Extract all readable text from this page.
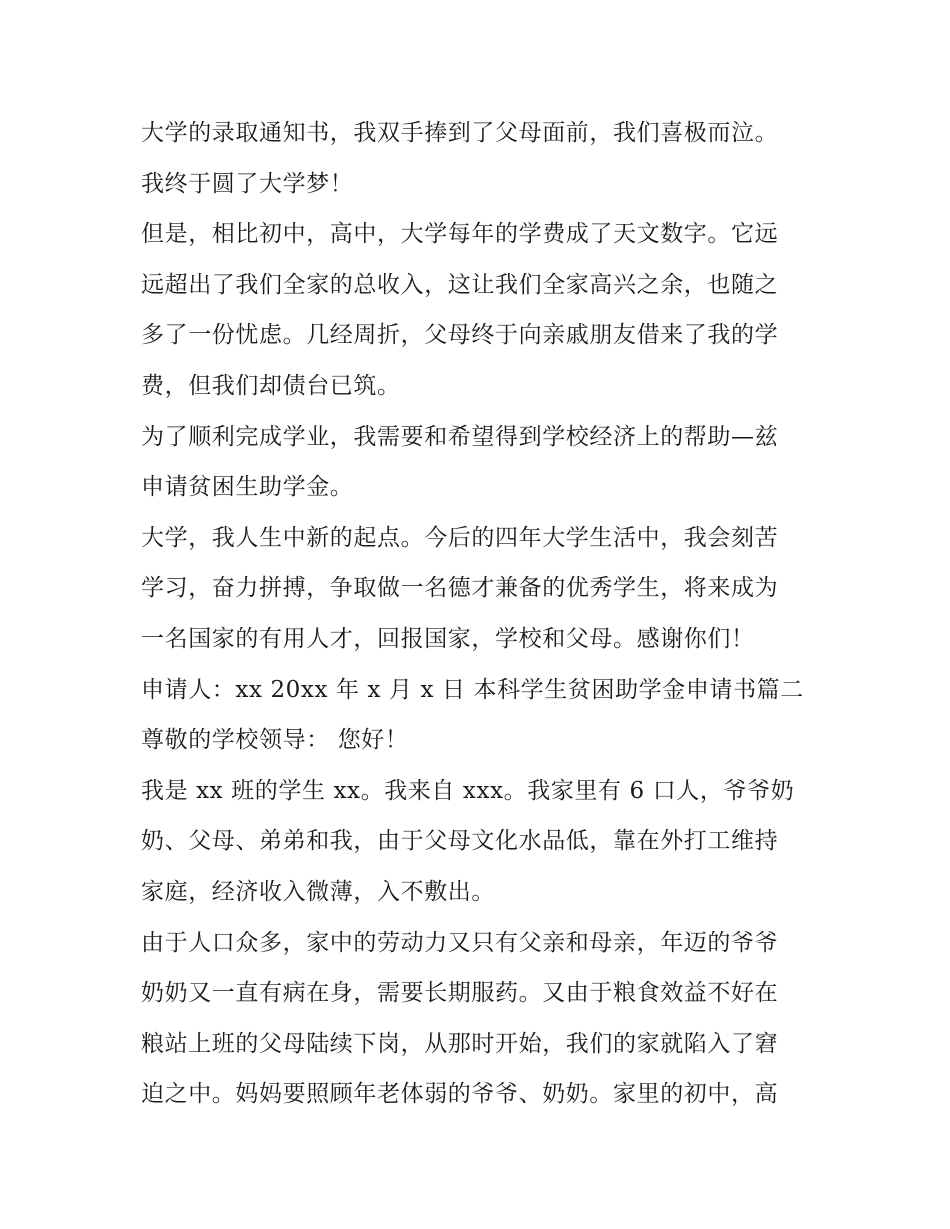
大学的录取通知书，我双手捧到了父母面前，我们喜极而泣。
我终于圆了大学梦！

但是，相比初中，高中，大学每年的学费成了天文数字。它远
远超出了我们全家的总收入，这让我们全家高兴之余，也随之
多了一份忧虑。几经周折，父母终于向亲戚朋友借来了我的学
费，但我们却债台已筑。

为了顺利完成学业，我需要和希望得到学校经济上的帮助—兹
申请贫困生助学金。

大学，我人生中新的起点。今后的四年大学生活中，我会刻苦
学习，奋力拼搏，争取做一名德才兼备的优秀学生，将来成为
一名国家的有用人才，回报国家，学校和父母。感谢你们！

申请人：xx 20xx 年 x 月 x 日 本科学生贫困助学金申请书篇二

尊敬的学校领导： 您好！

我是 xx 班的学生 xx。我来自 xxx。我家里有 6 口人，爷爷奶
奶、父母、弟弟和我，由于父母文化水品低，靠在外打工维持
家庭，经济收入微薄，入不敷出。

由于人口众多，家中的劳动力又只有父亲和母亲，年迈的爷爷
奶奶又一直有病在身，需要长期服药。又由于粮食效益不好在
粮站上班的父母陆续下岗，从那时开始，我们的家就陷入了窘
迫之中。妈妈要照顾年老体弱的爷爷、奶奶。家里的初中，高
